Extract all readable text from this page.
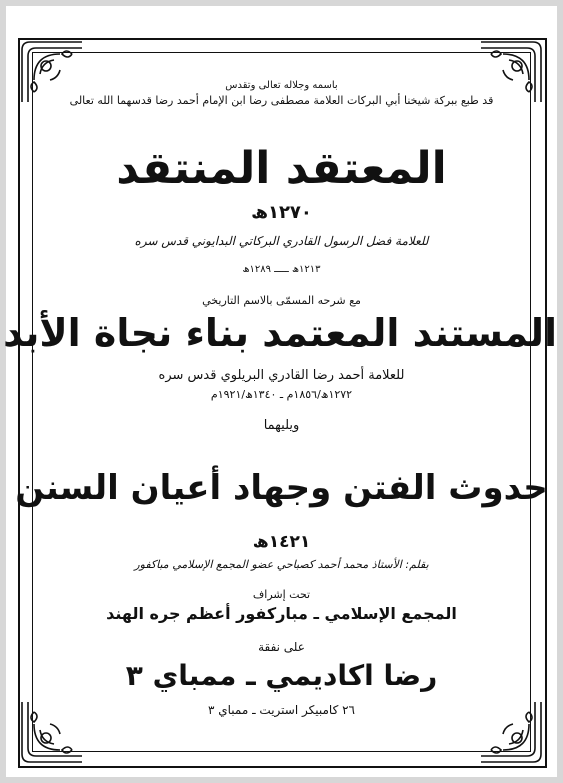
باسمه وجلاله تعالى وتقدس
قد طبع ببركة شيخنا أبي البركات العلامة مصطفى رضا ابن الإمام أحمد رضا قدسهما الله تعالى
المعتقد المنتقد
١٢٧٠ھ
للعلامة فضل الرسول القادري البركاتي البدايوني قدس سره
١٢١٣ھ ـــــ ١٢٨٩ھ
مع شرحه المسمّى بالاسم التاريخي
المستند المعتمد بناء نجاة الأبد
للعلامة أحمد رضا القادري البريلوي قدس سره
١٢٧٢ھ/١٨٥٦م ـ ١٣٤٠ھ/١٩٢١م
ويليهما
حدوث الفتن وجهاد أعيان السنن
١٤٢١ھ
بقلم: الأستاذ محمد أحمد كصباحي عضو المجمع الإسلامي مباكفور
تحت إشراف
المجمع الإسلامي ـ مباركفور أعظم جره الهند
على نفقة
رضا اكاديمي ـ ممباي ٣
٢٦ كامبيكر استريت ـ ممباي ٣
